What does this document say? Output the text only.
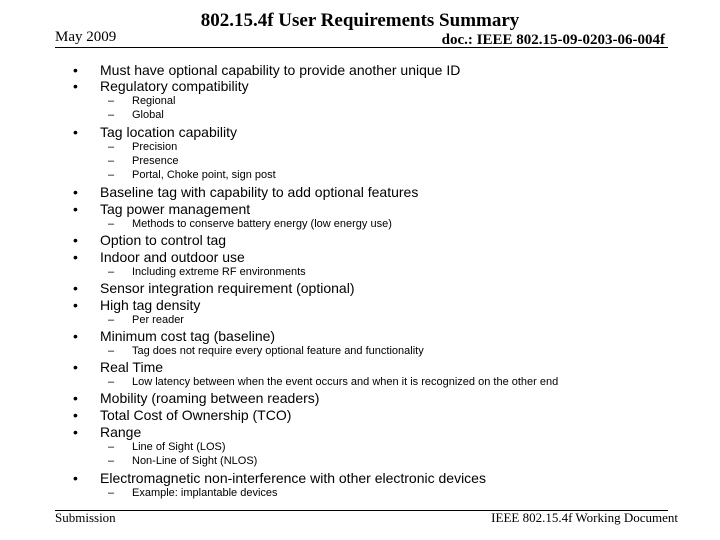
May 2009
802.15.4f User Requirements Summary
doc.: IEEE 802.15-09-0203-06-004f
• Must have optional capability to provide another unique ID
• Regulatory compatibility
– Regional
– Global
• Tag location capability
– Precision
– Presence
– Portal, Choke point, sign post
• Baseline tag with capability to add optional features
• Tag power management
– Methods to conserve battery energy (low energy use)
• Option to control tag
• Indoor and outdoor use
– Including extreme RF environments
• Sensor integration requirement (optional)
• High tag density
– Per reader
• Minimum cost tag (baseline)
– Tag does not require every optional feature and functionality
• Real Time
– Low latency between when the event occurs and when it is recognized on the other end
• Mobility (roaming between readers)
• Total Cost of Ownership (TCO)
• Range
– Line of Sight (LOS)
– Non-Line of Sight (NLOS)
• Electromagnetic non-interference with other electronic devices
– Example: implantable devices
Submission	IEEE 802.15.4f Working Document
